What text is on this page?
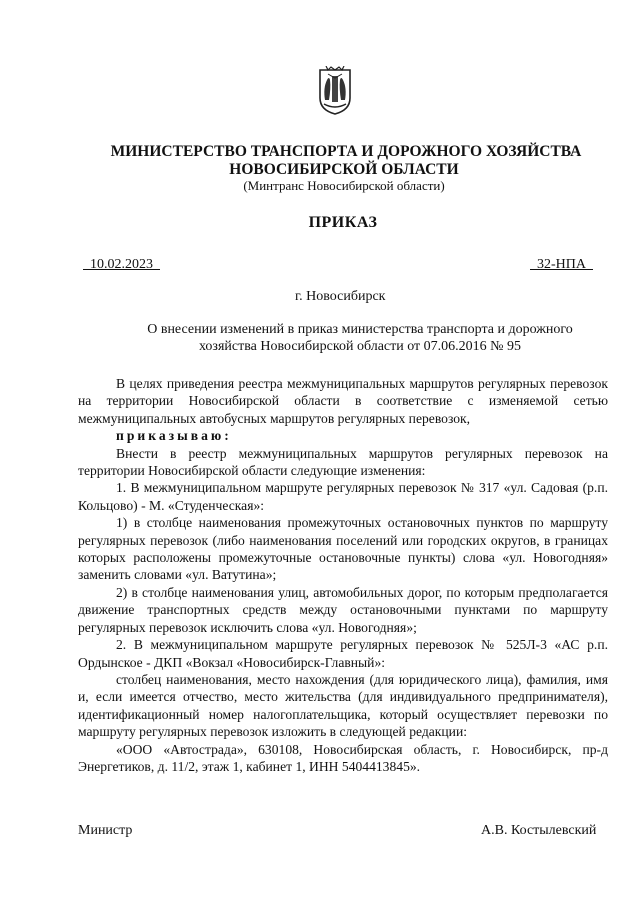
МИНИСТЕРСТВО ТРАНСПОРТА И ДОРОЖНОГО ХОЗЯЙСТВА
НОВОСИБИРСКОЙ ОБЛАСТИ
(Минтранс Новосибирской области)
ПРИКАЗ
10.02.2023	32-НПА
г. Новосибирск
О внесении изменений в приказ министерства транспорта и дорожного хозяйства Новосибирской области от 07.06.2016 № 95

В целях приведения реестра межмуниципальных маршрутов регулярных перевозок на территории Новосибирской области в соответствие с изменяемой сетью межмуниципальных автобусных маршрутов регулярных перевозок,

приказываю:

Внести в реестр межмуниципальных маршрутов регулярных перевозок на территории Новосибирской области следующие изменения:

1. В межмуниципальном маршруте регулярных перевозок № 317 «ул. Садовая (р.п. Кольцово) - М. «Студенческая»:

1) в столбце наименования промежуточных остановочных пунктов по маршруту регулярных перевозок (либо наименования поселений или городских округов, в границах которых расположены промежуточные остановочные пункты) слова «ул. Новогодняя» заменить словами «ул. Ватутина»;

2) в столбце наименования улиц, автомобильных дорог, по которым предполагается движение транспортных средств между остановочными пунктами по маршруту регулярных перевозок исключить слова «ул. Новогодняя»;

2. В межмуниципальном маршруте регулярных перевозок № 525Л-3 «АС р.п. Ордынское - ДКП «Вокзал «Новосибирск-Главный»:

столбец наименования, место нахождения (для юридического лица), фамилия, имя и, если имеется отчество, место жительства (для индивидуального предпринимателя), идентификационный номер налогоплательщика, который осуществляет перевозки по маршруту регулярных перевозок изложить в следующей редакции:

«ООО «Автострада», 630108, Новосибирская область, г. Новосибирск, пр-д Энергетиков, д. 11/2, этаж 1, кабинет 1, ИНН 5404413845».

Министр	А.В. Костылевский
